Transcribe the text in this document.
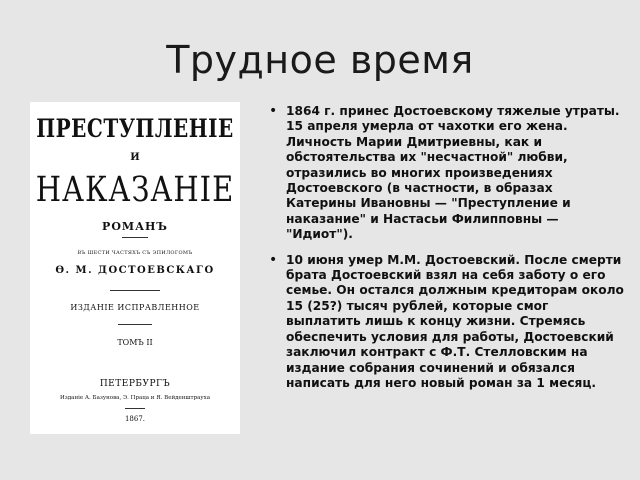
Трудное время
ПРЕСТУПЛЕНІЕ
И
НАКАЗАНІЕ
РОМАНЪ
ВЪ ШЕСТИ ЧАСТЯХЪ СЪ ЭПИЛОГОМЪ
Ѳ. М. ДОСТОЕВСКАГО
ИЗДАНІЕ ИСПРАВЛЕННОЕ
ТОМЪ II
ПЕТЕРБУРГЪ
Изданіе А. Базунова, Э. Праца и Я. Вейденштрауха
1867.
• 1864 г. принес Достоевскому тяжелые утраты. 15 апреля умерла от чахотки его жена. Личность Марии Дмитриевны, как и обстоятельства их "несчастной" любви, отразились во многих произведениях Достоевского (в частности, в образах Катерины Ивановны — "Преступление и наказание" и Настасьи Филипповны — "Идиот").
• 10 июня умер М.М. Достоевский. После смерти брата Достоевский взял на себя заботу о его семье. Он остался должным кредиторам около 15 (25?) тысяч рублей, которые смог выплатить лишь к концу жизни. Стремясь обеспечить условия для работы, Достоевский заключил контракт с Ф.Т. Стелловским на издание собрания сочинений и обязался написать для него новый роман за 1 месяц.
